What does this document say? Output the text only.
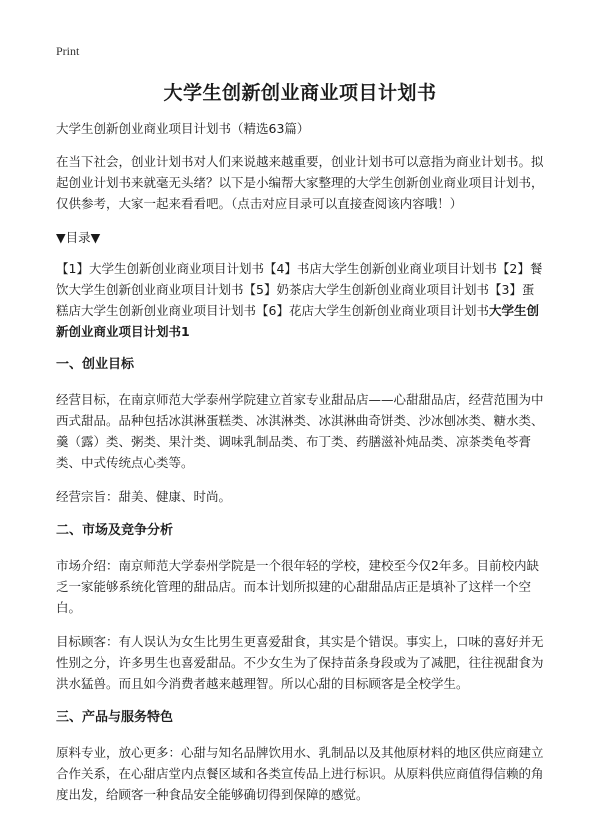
Print
大学生创新创业商业项目计划书

大学生创新创业商业项目计划书（精选63篇）

在当下社会，创业计划书对人们来说越来越重要，创业计划书可以意指为商业计划书。拟起创业计划书来就毫无头绪？以下是小编帮大家整理的大学生创新创业商业项目计划书，仅供参考，大家一起来看看吧。（点击对应目录可以直接查阅该内容哦！）

▼目录▼

【1】大学生创新创业商业项目计划书【4】书店大学生创新创业商业项目计划书【2】餐饮大学生创新创业商业项目计划书【5】奶茶店大学生创新创业商业项目计划书【3】蛋糕店大学生创新创业商业项目计划书【6】花店大学生创新创业商业项目计划书大学生创新创业商业项目计划书1

一、创业目标

经营目标，在南京师范大学泰州学院建立首家专业甜品店——心甜甜品店，经营范围为中西式甜品。品种包括冰淇淋蛋糕类、冰淇淋类、冰淇淋曲奇饼类、沙冰刨冰类、糖水类、羹（露）类、粥类、果汁类、调味乳制品类、布丁类、药膳滋补炖品类、凉茶类龟苓膏类、中式传统点心类等。

经营宗旨：甜美、健康、时尚。

二、市场及竞争分析

市场介绍：南京师范大学泰州学院是一个很年轻的学校，建校至今仅2年多。目前校内缺乏一家能够系统化管理的甜品店。而本计划所拟建的心甜甜品店正是填补了这样一个空白。

目标顾客：有人误认为女生比男生更喜爱甜食，其实是个错误。事实上，口味的喜好并无性别之分，许多男生也喜爱甜品。不少女生为了保持苗条身段或为了减肥，往往视甜食为洪水猛兽。而且如今消费者越来越理智。所以心甜的目标顾客是全校学生。

三、产品与服务特色

原料专业，放心更多：心甜与知名品牌饮用水、乳制品以及其他原材料的地区供应商建立合作关系，在心甜店堂内点餐区域和各类宣传品上进行标识。从原料供应商值得信赖的角度出发，给顾客一种食品安全能够确切得到保障的感觉。
